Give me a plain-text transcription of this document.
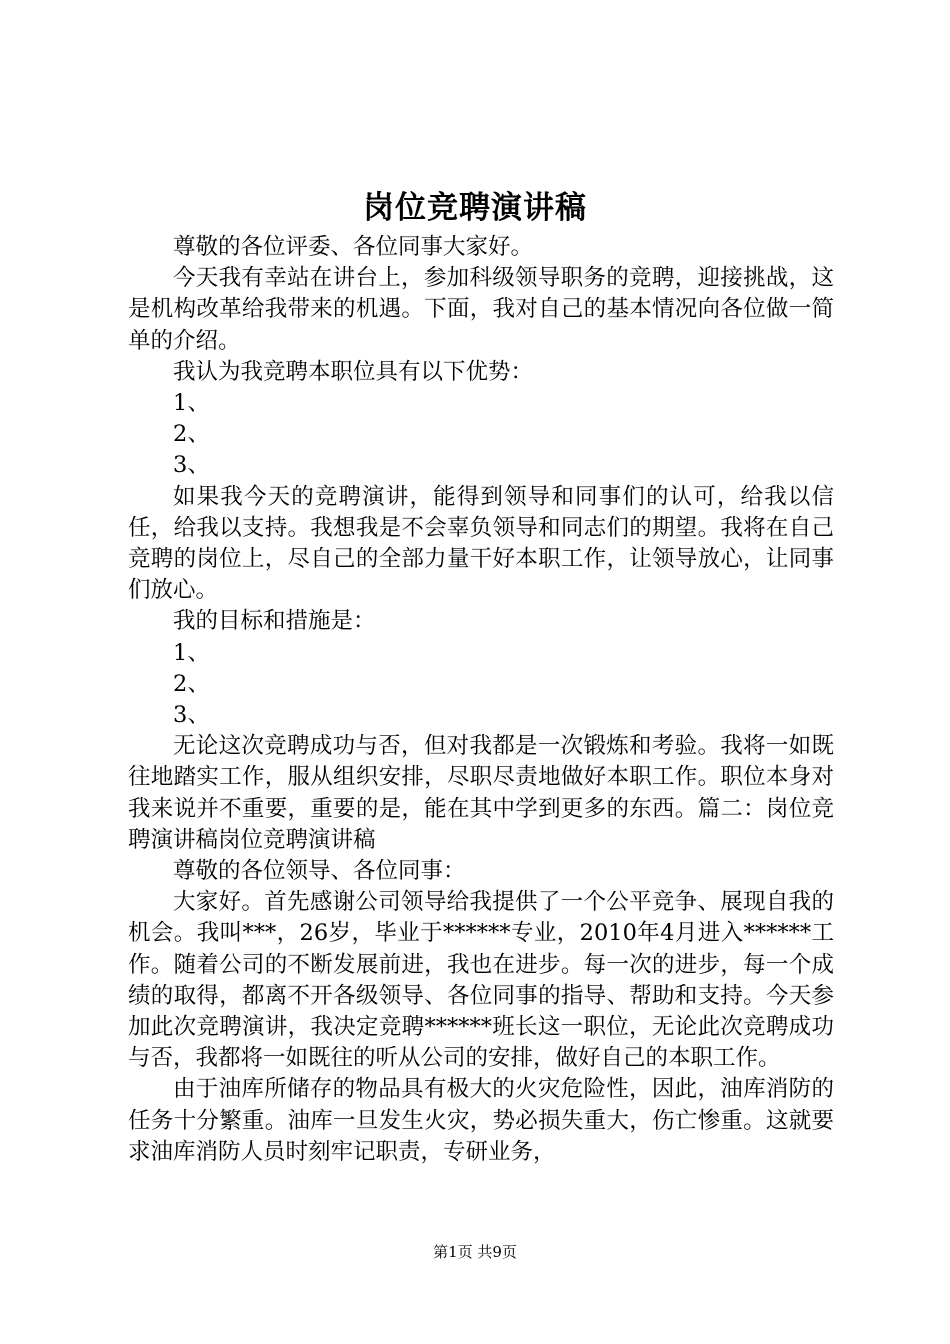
岗位竞聘演讲稿

尊敬的各位评委、各位同事大家好。

今天我有幸站在讲台上，参加科级领导职务的竞聘，迎接挑战，这是机构改革给我带来的机遇。下面，我对自己的基本情况向各位做一简单的介绍。

我认为我竞聘本职位具有以下优势：

1、

2、

3、

如果我今天的竞聘演讲，能得到领导和同事们的认可，给我以信任，给我以支持。我想我是不会辜负领导和同志们的期望。我将在自己竞聘的岗位上，尽自己的全部力量干好本职工作，让领导放心，让同事们放心。

我的目标和措施是：

1、

2、

3、

无论这次竞聘成功与否，但对我都是一次锻炼和考验。我将一如既往地踏实工作，服从组织安排，尽职尽责地做好本职工作。职位本身对我来说并不重要，重要的是，能在其中学到更多的东西。篇二：岗位竞聘演讲稿岗位竞聘演讲稿

尊敬的各位领导、各位同事：

大家好。首先感谢公司领导给我提供了一个公平竞争、展现自我的机会。我叫***，26岁，毕业于******专业，2010年4月进入******工作。随着公司的不断发展前进，我也在进步。每一次的进步，每一个成绩的取得，都离不开各级领导、各位同事的指导、帮助和支持。今天参加此次竞聘演讲，我决定竞聘******班长这一职位，无论此次竞聘成功与否，我都将一如既往的听从公司的安排，做好自己的本职工作。

由于油库所储存的物品具有极大的火灾危险性，因此，油库消防的任务十分繁重。油库一旦发生火灾，势必损失重大，伤亡惨重。这就要求油库消防人员时刻牢记职责，专研业务，

第1页 共9页
